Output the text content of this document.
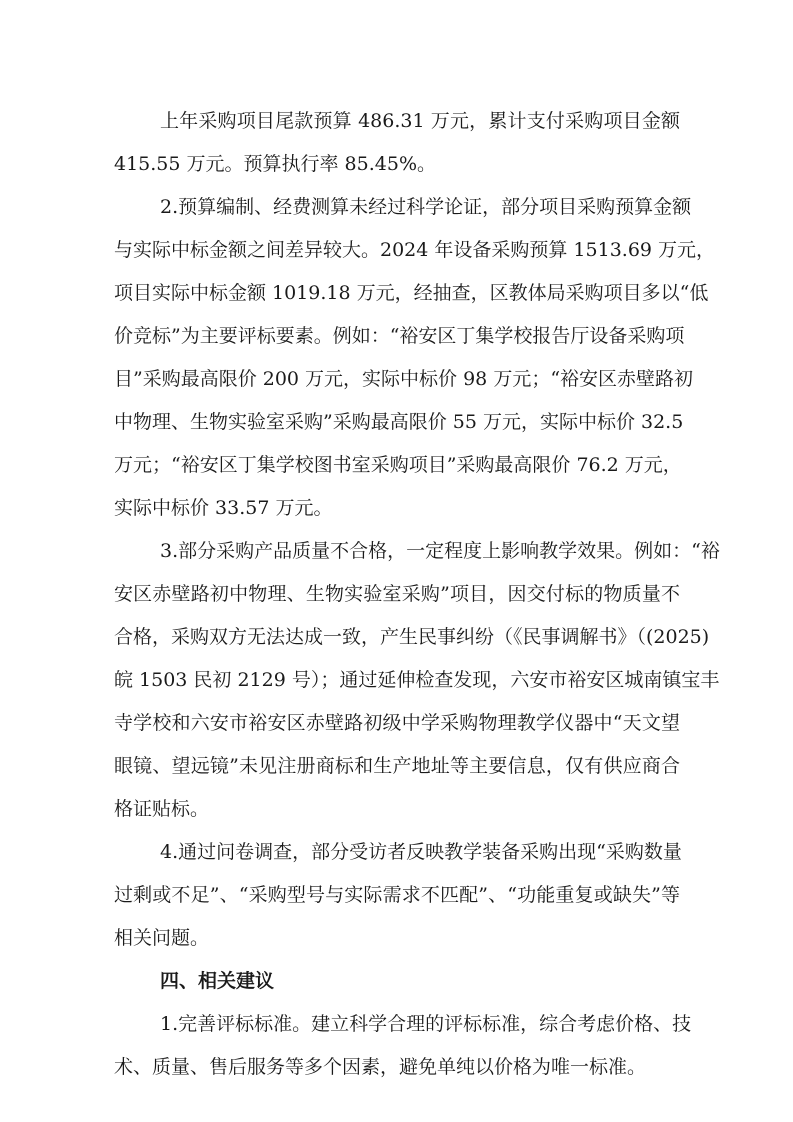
上年采购项目尾款预算 486.31 万元，累计支付采购项目金额
415.55 万元。预算执行率 85.45%。
2.预算编制、经费测算未经过科学论证，部分项目采购预算金额
与实际中标金额之间差异较大。2024 年设备采购预算 1513.69 万元，
项目实际中标金额 1019.18 万元，经抽查，区教体局采购项目多以“低
价竞标”为主要评标要素。例如：“裕安区丁集学校报告厅设备采购项
目”采购最高限价 200 万元，实际中标价 98 万元；“裕安区赤壁路初
中物理、生物实验室采购”采购最高限价 55 万元，实际中标价 32.5
万元；“裕安区丁集学校图书室采购项目”采购最高限价 76.2 万元，
实际中标价 33.57 万元。
3.部分采购产品质量不合格，一定程度上影响教学效果。例如：“裕
安区赤壁路初中物理、生物实验室采购”项目，因交付标的物质量不
合格，采购双方无法达成一致，产生民事纠纷（《民事调解书》（(2025)
皖 1503 民初 2129 号）；通过延伸检查发现，六安市裕安区城南镇宝丰
寺学校和六安市裕安区赤壁路初级中学采购物理教学仪器中“天文望
眼镜、望远镜”未见注册商标和生产地址等主要信息，仅有供应商合
格证贴标。
4.通过问卷调查，部分受访者反映教学装备采购出现“采购数量
过剩或不足”、“采购型号与实际需求不匹配”、“功能重复或缺失”等
相关问题。
四、相关建议
1.完善评标标准。建立科学合理的评标标准，综合考虑价格、技
术、质量、售后服务等多个因素，避免单纯以价格为唯一标准。
